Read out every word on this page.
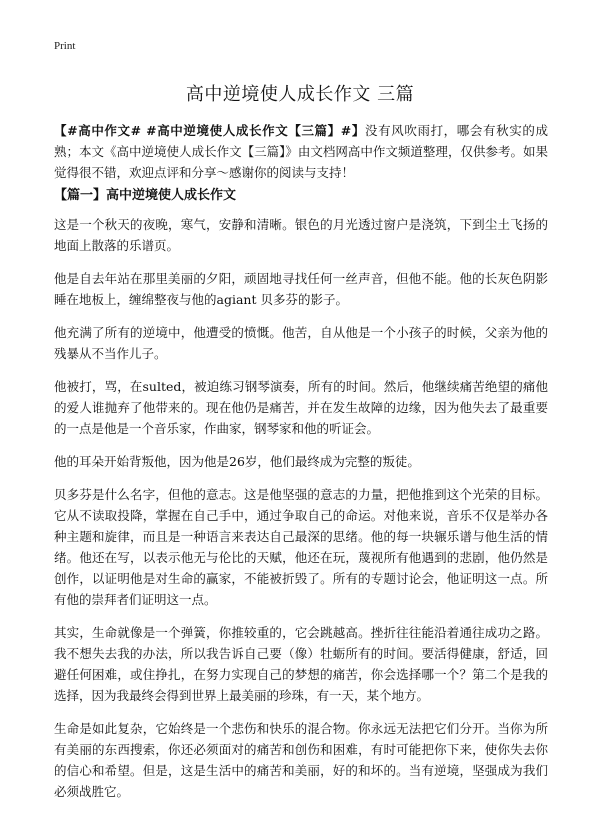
Print
高中逆境使人成长作文 三篇
【#高中作文# #高中逆境使人成长作文【三篇】#】没有风吹雨打，哪会有秋实的成熟；本文《高中逆境使人成长作文【三篇】》由文档网高中作文频道整理，仅供参考。如果觉得很不错，欢迎点评和分享～感谢你的阅读与支持！
【篇一】高中逆境使人成长作文

这是一个秋天的夜晚，寒气，安静和清晰。银色的月光透过窗户是浇筑，下到尘土飞扬的地面上散落的乐谱页。

他是自去年站在那里美丽的夕阳，顽固地寻找任何一丝声音，但他不能。他的长灰色阴影睡在地板上，缠绵整夜与他的agiant 贝多芬的影子。

他充满了所有的逆境中，他遭受的愤慨。他苦，自从他是一个小孩子的时候，父亲为他的残暴从不当作儿子。

他被打，骂，在sulted，被迫练习钢琴演奏，所有的时间。然后，他继续痛苦绝望的痛他的爱人谁抛弃了他带来的。现在他仍是痛苦，并在发生故障的边缘，因为他失去了最重要的一点是他是一个音乐家，作曲家，钢琴家和他的听证会。

他的耳朵开始背叛他，因为他是26岁，他们最终成为完整的叛徒。

贝多芬是什么名字，但他的意志。这是他坚强的意志的力量，把他推到这个光荣的目标。它从不读取投降，掌握在自己手中，通过争取自己的命运。对他来说，音乐不仅是举办各种主题和旋律，而且是一种语言来表达自己最深的思绪。他的每一块辗乐谱与他生活的情绪。他还在写，以表示他无与伦比的天赋，他还在玩，蔑视所有他遇到的悲剧，他仍然是创作，以证明他是对生命的赢家，不能被折毁了。所有的专题讨论会，他证明这一点。所有他的崇拜者们证明这一点。

其实，生命就像是一个弹簧，你推较重的，它会跳越高。挫折往往能沿着通往成功之路。我不想失去我的办法，所以我告诉自己要（像）牡蛎所有的时间。要活得健康，舒适，回避任何困难，或住挣扎，在努力实现自己的梦想的痛苦，你会选择哪一个？第二个是我的选择，因为我最终会得到世界上最美丽的珍珠，有一天，某个地方。

生命是如此复杂，它始终是一个悲伤和快乐的混合物。你永远无法把它们分开。当你为所有美丽的东西搜索，你还必须面对的痛苦和创伤和困难，有时可能把你下来，使你失去你的信心和希望。但是，这是生活中的痛苦和美丽，好的和坏的。当有逆境，坚强成为我们必须战胜它。
